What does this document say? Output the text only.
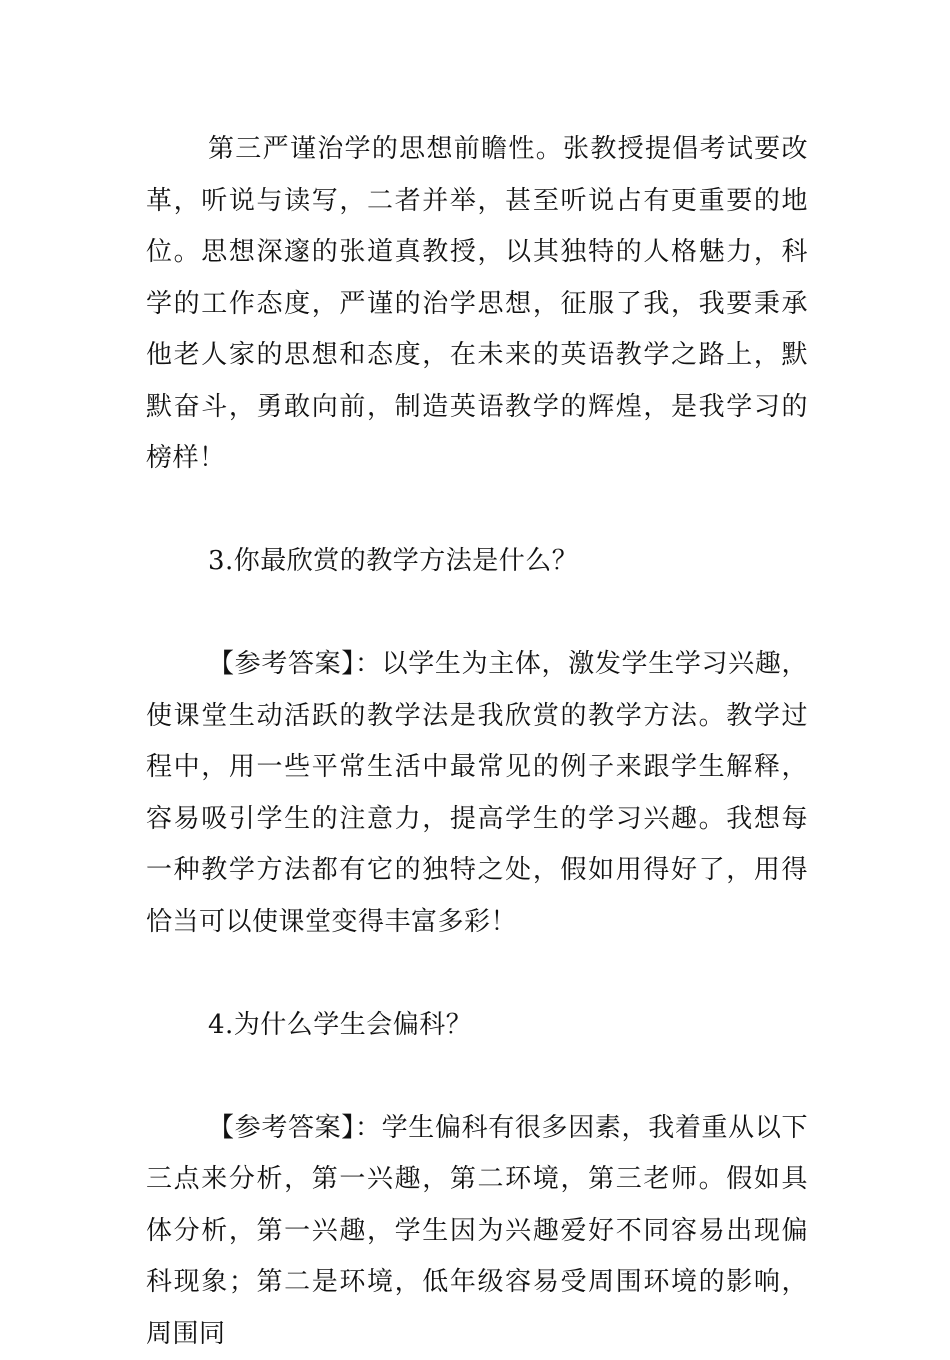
第三严谨治学的思想前瞻性。张教授提倡考试要改革，听说与读写，二者并举，甚至听说占有更重要的地位。思想深邃的张道真教授，以其独特的人格魅力，科学的工作态度，严谨的治学思想，征服了我，我要秉承他老人家的思想和态度，在未来的英语教学之路上，默默奋斗，勇敢向前，制造英语教学的辉煌，是我学习的榜样！

3.你最欣赏的教学方法是什么？

【参考答案】：以学生为主体，激发学生学习兴趣，使课堂生动活跃的教学法是我欣赏的教学方法。教学过程中，用一些平常生活中最常见的例子来跟学生解释，容易吸引学生的注意力，提高学生的学习兴趣。我想每一种教学方法都有它的独特之处，假如用得好了，用得恰当可以使课堂变得丰富多彩！

4.为什么学生会偏科？

【参考答案】：学生偏科有很多因素，我着重从以下三点来分析，第一兴趣，第二环境，第三老师。假如具体分析，第一兴趣，学生因为兴趣爱好不同容易出现偏科现象；第二是环境，低年级容易受周围环境的影响，周围同
